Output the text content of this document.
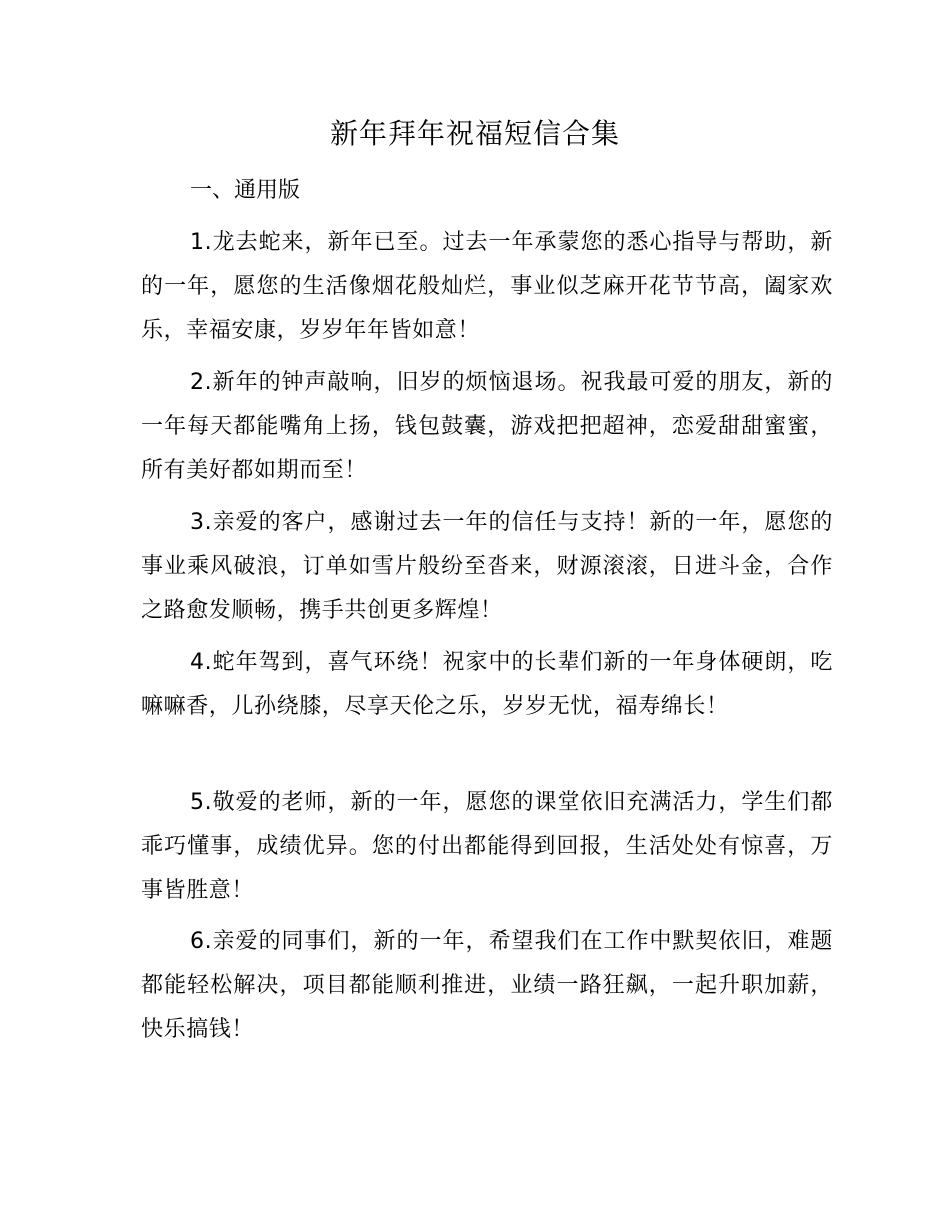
新年拜年祝福短信合集
一、通用版

1.龙去蛇来，新年已至。过去一年承蒙您的悉心指导与帮助，新的一年，愿您的生活像烟花般灿烂，事业似芝麻开花节节高，阖家欢乐，幸福安康，岁岁年年皆如意！

2.新年的钟声敲响，旧岁的烦恼退场。祝我最可爱的朋友，新的一年每天都能嘴角上扬，钱包鼓囊，游戏把把超神，恋爱甜甜蜜蜜，所有美好都如期而至！

3.亲爱的客户，感谢过去一年的信任与支持！新的一年，愿您的事业乘风破浪，订单如雪片般纷至沓来，财源滚滚，日进斗金，合作之路愈发顺畅，携手共创更多辉煌！

4.蛇年驾到，喜气环绕！祝家中的长辈们新的一年身体硬朗，吃嘛嘛香，儿孙绕膝，尽享天伦之乐，岁岁无忧，福寿绵长！

5.敬爱的老师，新的一年，愿您的课堂依旧充满活力，学生们都乖巧懂事，成绩优异。您的付出都能得到回报，生活处处有惊喜，万事皆胜意！

6.亲爱的同事们，新的一年，希望我们在工作中默契依旧，难题都能轻松解决，项目都能顺利推进，业绩一路狂飙，一起升职加薪，快乐搞钱！
